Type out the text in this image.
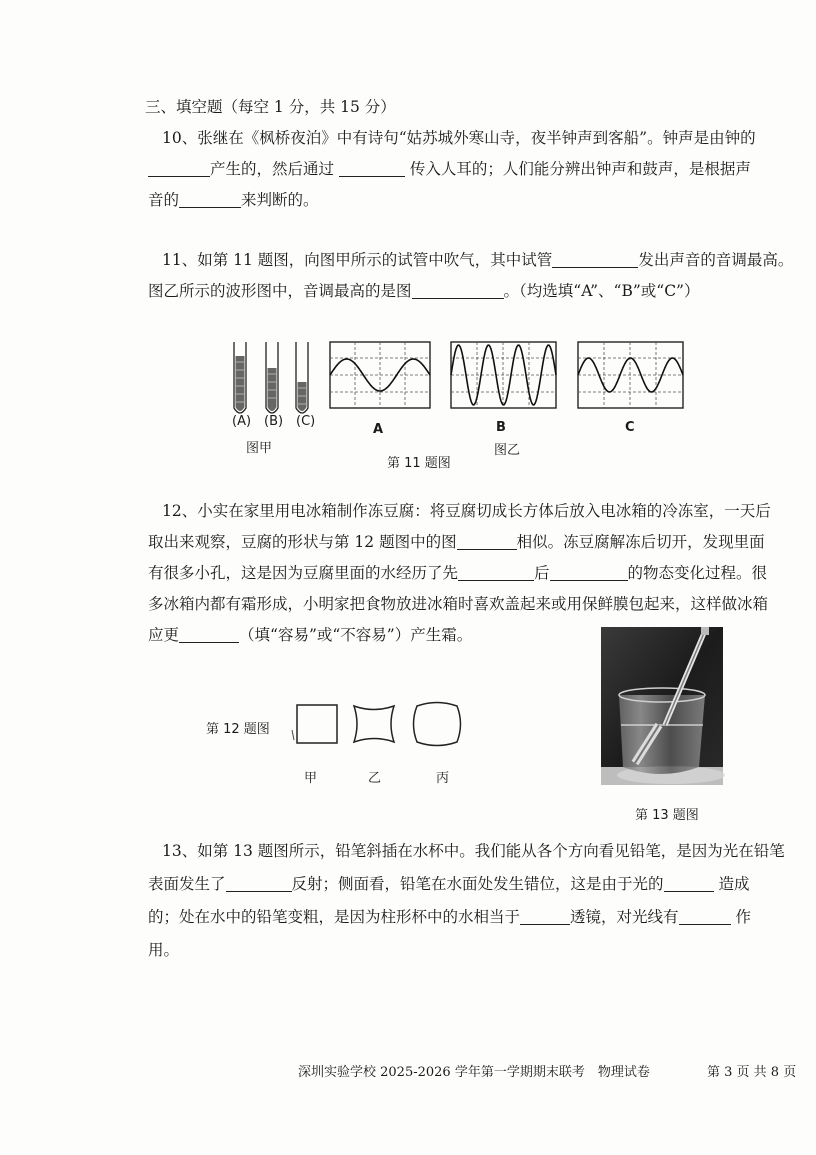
三、填空题（每空 1 分，共 15 分）
10、张继在《枫桥夜泊》中有诗句“姑苏城外寒山寺，夜半钟声到客船”。钟声是由钟的
产生的，然后通过	传入人耳的；人们能分辨出钟声和鼓声，是根据声
音的	来判断的。
11、如第 11 题图，向图甲所示的试管中吹气，其中试管	发出声音的音调最高。
图乙所示的波形图中，音调最高的是图	。（均选填“A”、“B”或“C”）
(A) (B) (C)
图甲
A	B	C
图乙
第 11 题图
12、小实在家里用电冰箱制作冻豆腐：将豆腐切成长方体后放入电冰箱的冷冻室，一天后
取出来观察，豆腐的形状与第 12 题图中的图	相似。冻豆腐解冻后切开，发现里面
有很多小孔，这是因为豆腐里面的水经历了先	后	的物态变化过程。很
多冰箱内都有霜形成，小明家把食物放进冰箱时喜欢盖起来或用保鲜膜包起来，这样做冰箱
应更	（填“容易”或“不容易”）产生霜。
第 12 题图
甲	乙	丙
第 13 题图
13、如第 13 题图所示，铅笔斜插在水杯中。我们能从各个方向看见铅笔，是因为光在铅笔
表面发生了	反射；侧面看，铅笔在水面处发生错位，这是由于光的	造成
的；处在水中的铅笔变粗，是因为柱形杯中的水相当于	透镜，对光线有	作
用。
深圳实验学校 2025-2026 学年第一学期期末联考　物理试卷	第 3 页 共 8 页
